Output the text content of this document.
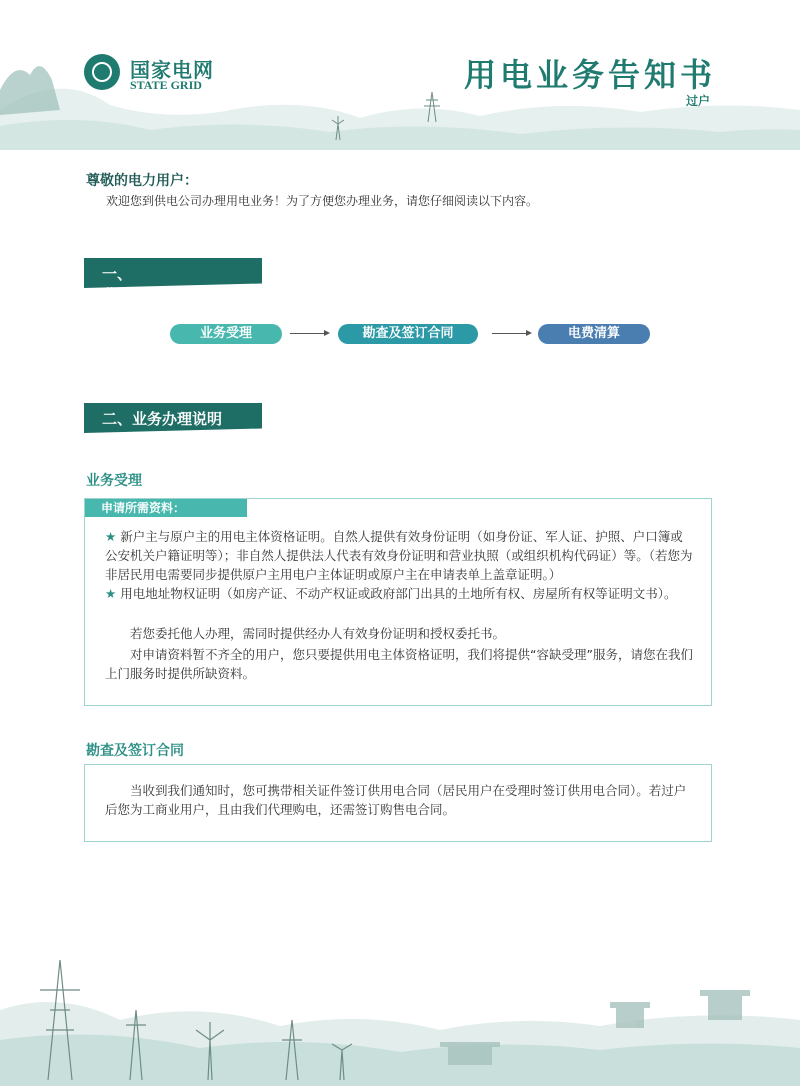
国家电网
STATE GRID	用电业务告知书
过户
尊敬的电力用户：
欢迎您到供电公司办理用电业务！为了方便您办理业务，请您仔细阅读以下内容。
一、业务办理流程	业务受理	勘查及签订合同	电费清算
二、业务办理说明
业务受理
申请所需资料：
★ 新户主与原户主的用电主体资格证明。自然人提供有效身份证明（如身份证、军人证、护照、户口簿或公安机关户籍证明等）；非自然人提供法人代表有效身份证明和营业执照（或组织机构代码证）等。（若您为非居民用电需要同步提供原户主用电户主体证明或原户主在申请表单上盖章证明。）
★ 用电地址物权证明（如房产证、不动产权证或政府部门出具的土地所有权、房屋所有权等证明文书）。
若您委托他人办理，需同时提供经办人有效身份证明和授权委托书。
对申请资料暂不齐全的用户，您只要提供用电主体资格证明，我们将提供“容缺受理”服务，请您在我们上门服务时提供所缺资料。
勘查及签订合同
当收到我们通知时，您可携带相关证件签订供用电合同（居民用户在受理时签订供用电合同）。若过户后您为工商业用户，且由我们代理购电，还需签订购售电合同。
